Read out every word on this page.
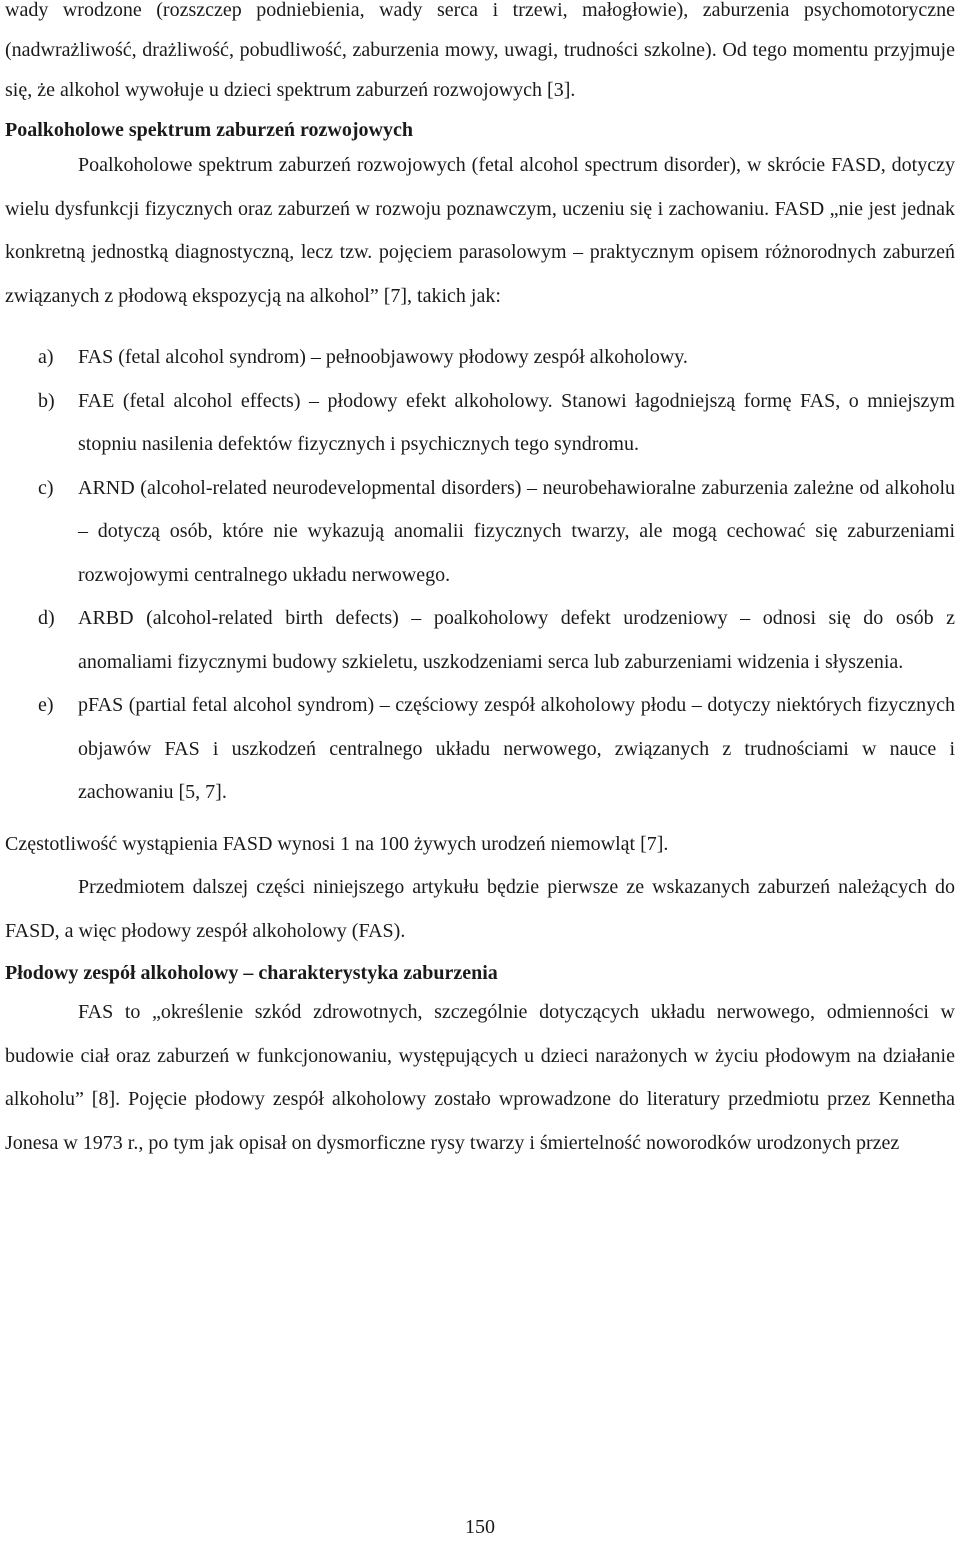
wady wrodzone (rozszczep podniebienia, wady serca i trzewi, małogłowie), zaburzenia psychomotoryczne (nadwrażliwość, drażliwość, pobudliwość, zaburzenia mowy, uwagi, trudności szkolne). Od tego momentu przyjmuje się, że alkohol wywołuje u dzieci spektrum zaburzeń rozwojowych [3].

Poalkoholowe spektrum zaburzeń rozwojowych

Poalkoholowe spektrum zaburzeń rozwojowych (fetal alcohol spectrum disorder), w skrócie FASD, dotyczy wielu dysfunkcji fizycznych oraz zaburzeń w rozwoju poznawczym, uczeniu się i zachowaniu. FASD „nie jest jednak konkretną jednostką diagnostyczną, lecz tzw. pojęciem parasolowym – praktycznym opisem różnorodnych zaburzeń związanych z płodową ekspozycją na alkohol” [7], takich jak:

a) FAS (fetal alcohol syndrom) – pełnoobjawowy płodowy zespół alkoholowy.
b) FAE (fetal alcohol effects) – płodowy efekt alkoholowy. Stanowi łagodniejszą formę FAS, o mniejszym stopniu nasilenia defektów fizycznych i psychicznych tego syndromu.
c) ARND (alcohol-related neurodevelopmental disorders) – neurobehawioralne zaburzenia zależne od alkoholu – dotyczą osób, które nie wykazują anomalii fizycznych twarzy, ale mogą cechować się zaburzeniami rozwojowymi centralnego układu nerwowego.
d) ARBD (alcohol-related birth defects) – poalkoholowy defekt urodzeniowy – odnosi się do osób z anomaliami fizycznymi budowy szkieletu, uszkodzeniami serca lub zaburzeniami widzenia i słyszenia.
e) pFAS (partial fetal alcohol syndrom) – częściowy zespół alkoholowy płodu – dotyczy niektórych fizycznych objawów FAS i uszkodzeń centralnego układu nerwowego, związanych z trudnościami w nauce i zachowaniu [5, 7].

Częstotliwość wystąpienia FASD wynosi 1 na 100 żywych urodzeń niemowląt [7].

Przedmiotem dalszej części niniejszego artykułu będzie pierwsze ze wskazanych zaburzeń należących do FASD, a więc płodowy zespół alkoholowy (FAS).

Płodowy zespół alkoholowy – charakterystyka zaburzenia

FAS to „określenie szkód zdrowotnych, szczególnie dotyczących układu nerwowego, odmienności w budowie ciał oraz zaburzeń w funkcjonowaniu, występujących u dzieci narażonych w życiu płodowym na działanie alkoholu” [8]. Pojęcie płodowy zespół alkoholowy zostało wprowadzone do literatury przedmiotu przez Kennetha Jonesa w 1973 r., po tym jak opisał on dysmorficzne rysy twarzy i śmiertelność noworodków urodzonych przez

150
